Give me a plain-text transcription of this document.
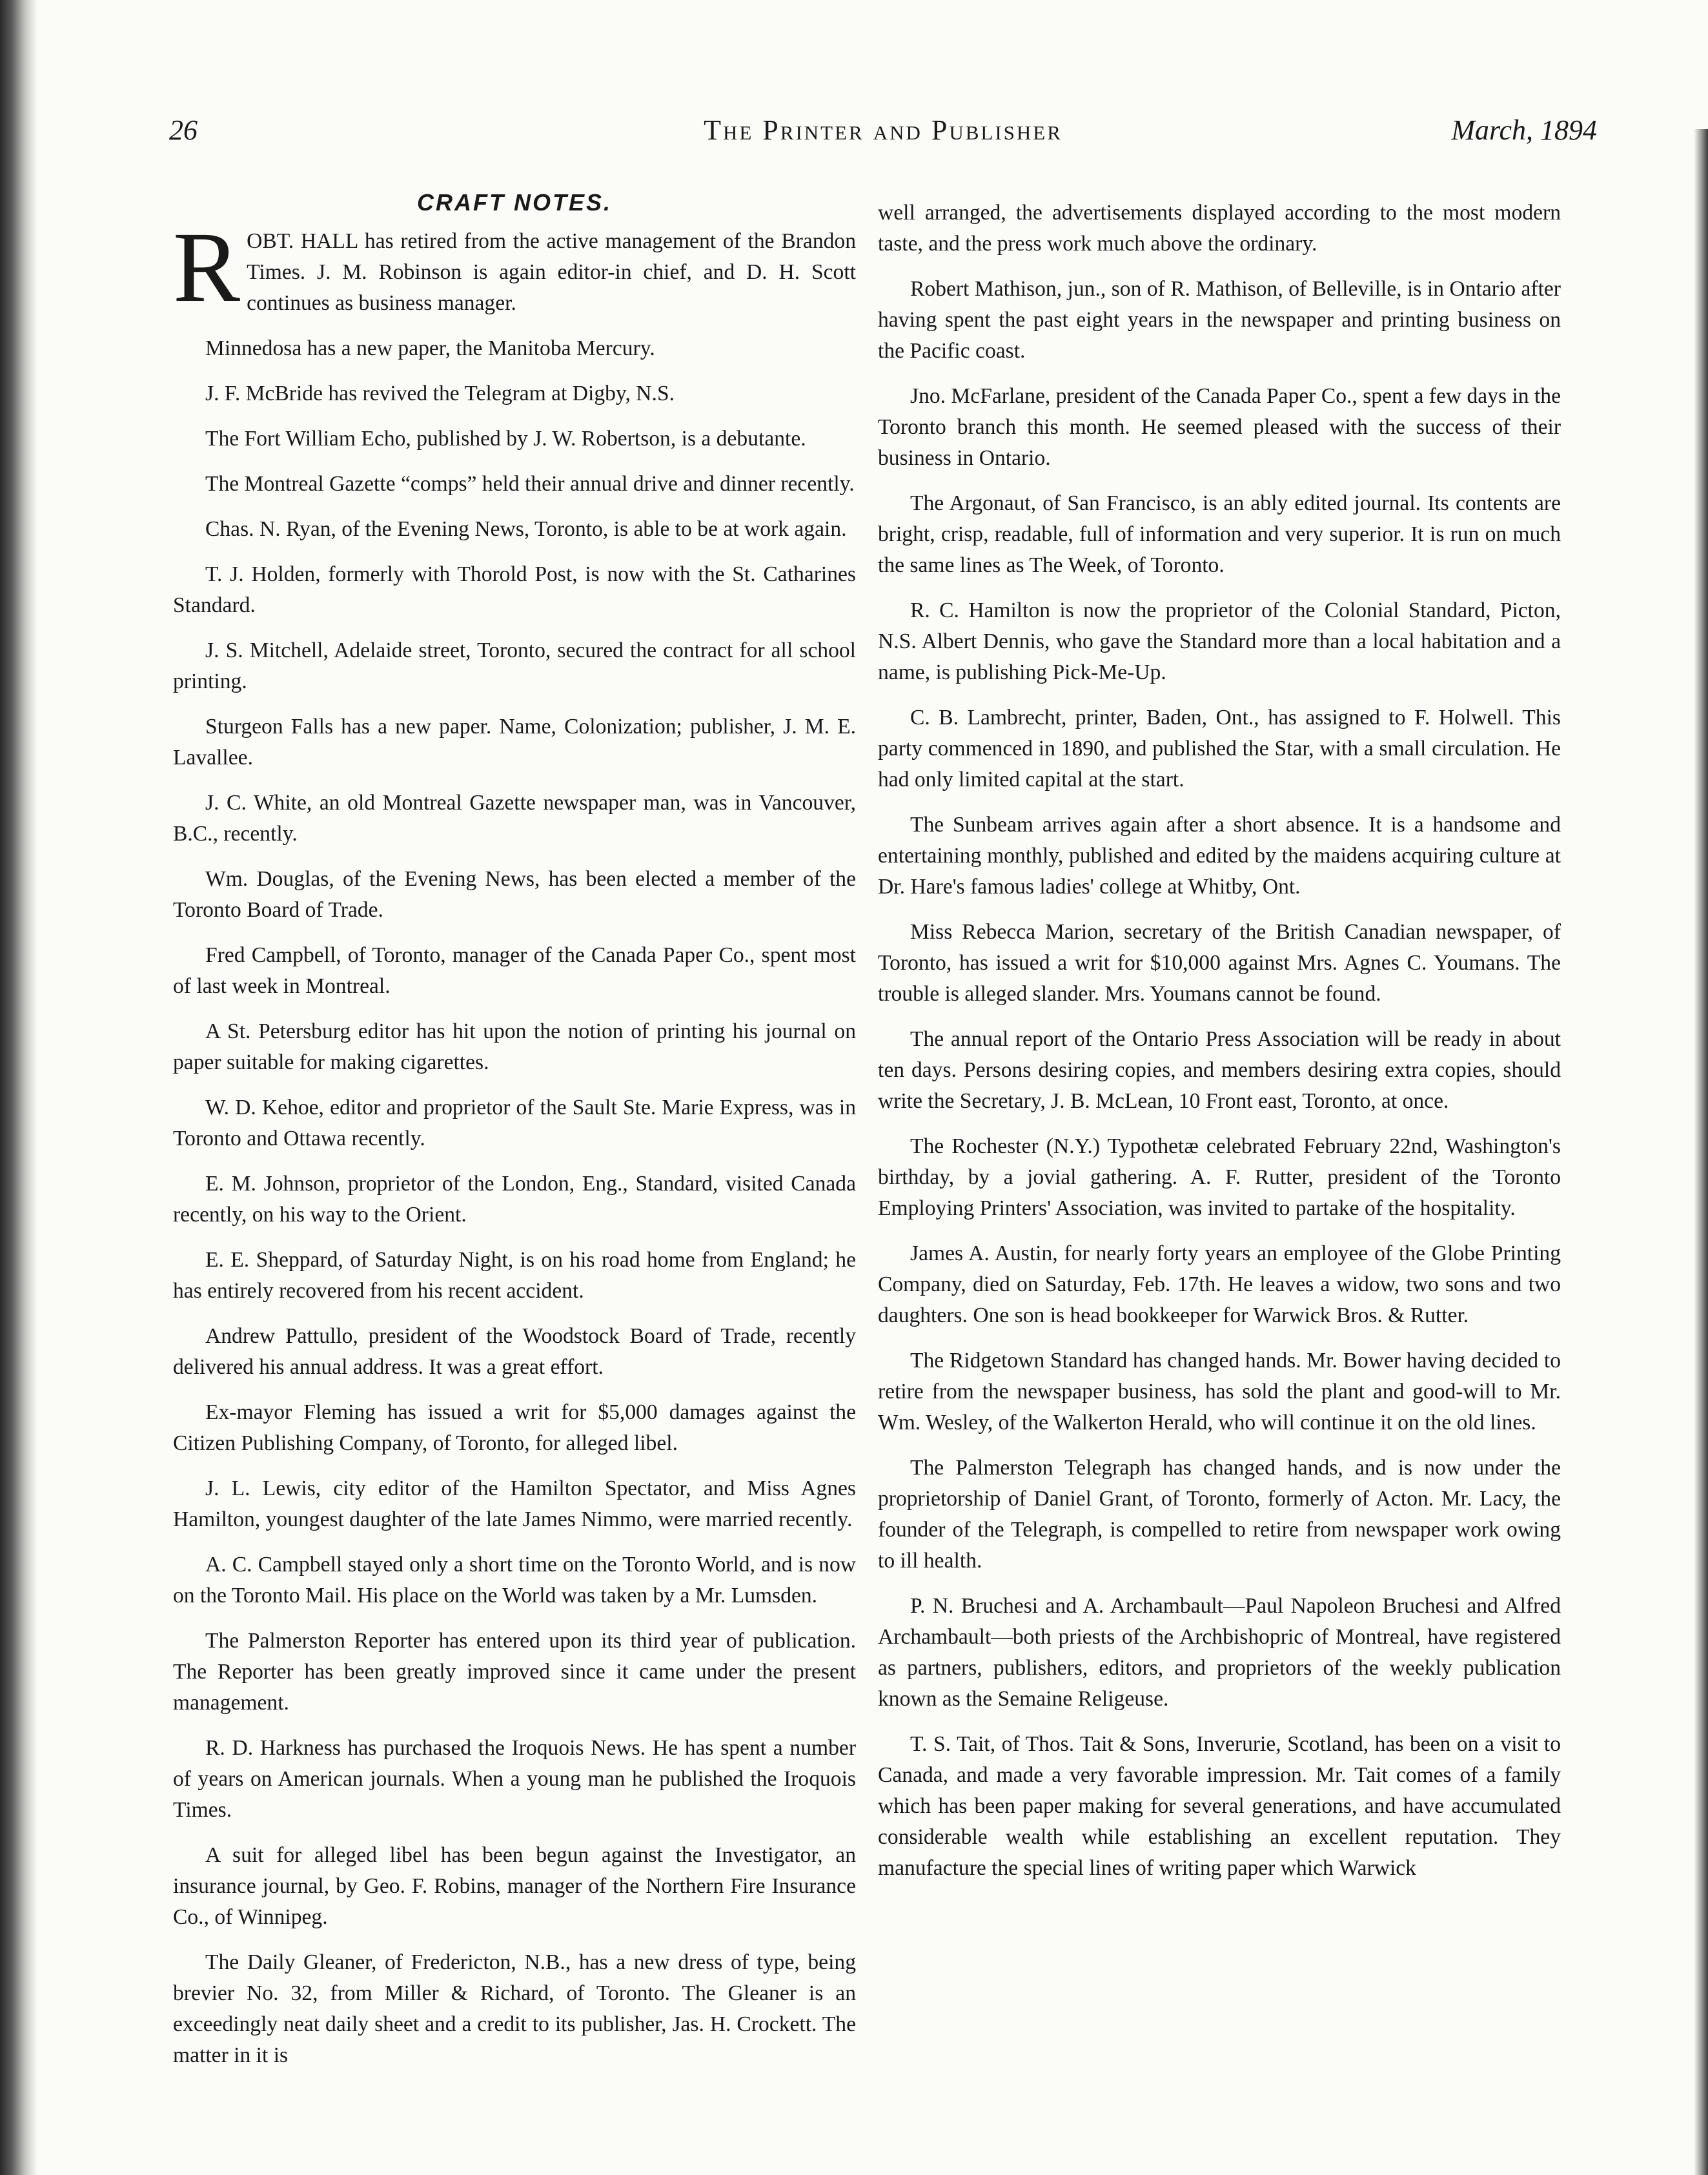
26	The Printer and Publisher	March, 1894
CRAFT NOTES.

ROBT. HALL has retired from the active management of the Brandon Times. J. M. Robinson is again editor-in chief, and D. H. Scott continues as business manager.

Minnedosa has a new paper, the Manitoba Mercury.

J. F. McBride has revived the Telegram at Digby, N.S.

The Fort William Echo, published by J. W. Robertson, is a debutante.

The Montreal Gazette “comps” held their annual drive and dinner recently.

Chas. N. Ryan, of the Evening News, Toronto, is able to be at work again.

T. J. Holden, formerly with Thorold Post, is now with the St. Catharines Standard.

J. S. Mitchell, Adelaide street, Toronto, secured the contract for all school printing.

Sturgeon Falls has a new paper. Name, Colonization; publisher, J. M. E. Lavallee.

J. C. White, an old Montreal Gazette newspaper man, was in Vancouver, B.C., recently.

Wm. Douglas, of the Evening News, has been elected a member of the Toronto Board of Trade.

Fred Campbell, of Toronto, manager of the Canada Paper Co., spent most of last week in Montreal.

A St. Petersburg editor has hit upon the notion of printing his journal on paper suitable for making cigarettes.

W. D. Kehoe, editor and proprietor of the Sault Ste. Marie Express, was in Toronto and Ottawa recently.

E. M. Johnson, proprietor of the London, Eng., Standard, visited Canada recently, on his way to the Orient.

E. E. Sheppard, of Saturday Night, is on his road home from England; he has entirely recovered from his recent accident.

Andrew Pattullo, president of the Woodstock Board of Trade, recently delivered his annual address. It was a great effort.

Ex-mayor Fleming has issued a writ for $5,000 damages against the Citizen Publishing Company, of Toronto, for alleged libel.

J. L. Lewis, city editor of the Hamilton Spectator, and Miss Agnes Hamilton, youngest daughter of the late James Nimmo, were married recently.

A. C. Campbell stayed only a short time on the Toronto World, and is now on the Toronto Mail. His place on the World was taken by a Mr. Lumsden.

The Palmerston Reporter has entered upon its third year of publication. The Reporter has been greatly improved since it came under the present management.

R. D. Harkness has purchased the Iroquois News. He has spent a number of years on American journals. When a young man he published the Iroquois Times.

A suit for alleged libel has been begun against the Investigator, an insurance journal, by Geo. F. Robins, manager of the Northern Fire Insurance Co., of Winnipeg.

The Daily Gleaner, of Fredericton, N.B., has a new dress of type, being brevier No. 32, from Miller & Richard, of Toronto. The Gleaner is an exceedingly neat daily sheet and a credit to its publisher, Jas. H. Crockett. The matter in it is

well arranged, the advertisements displayed according to the most modern taste, and the press work much above the ordinary.

Robert Mathison, jun., son of R. Mathison, of Belleville, is in Ontario after having spent the past eight years in the newspaper and printing business on the Pacific coast.

Jno. McFarlane, president of the Canada Paper Co., spent a few days in the Toronto branch this month. He seemed pleased with the success of their business in Ontario.

The Argonaut, of San Francisco, is an ably edited journal. Its contents are bright, crisp, readable, full of information and very superior. It is run on much the same lines as The Week, of Toronto.

R. C. Hamilton is now the proprietor of the Colonial Standard, Picton, N.S. Albert Dennis, who gave the Standard more than a local habitation and a name, is publishing Pick-Me-Up.

C. B. Lambrecht, printer, Baden, Ont., has assigned to F. Holwell. This party commenced in 1890, and published the Star, with a small circulation. He had only limited capital at the start.

The Sunbeam arrives again after a short absence. It is a handsome and entertaining monthly, published and edited by the maidens acquiring culture at Dr. Hare's famous ladies' college at Whitby, Ont.

Miss Rebecca Marion, secretary of the British Canadian newspaper, of Toronto, has issued a writ for $10,000 against Mrs. Agnes C. Youmans. The trouble is alleged slander. Mrs. Youmans cannot be found.

The annual report of the Ontario Press Association will be ready in about ten days. Persons desiring copies, and members desiring extra copies, should write the Secretary, J. B. McLean, 10 Front east, Toronto, at once.

The Rochester (N.Y.) Typothetæ celebrated February 22nd, Washington's birthday, by a jovial gathering. A. F. Rutter, president of the Toronto Employing Printers' Association, was invited to partake of the hospitality.

James A. Austin, for nearly forty years an employee of the Globe Printing Company, died on Saturday, Feb. 17th. He leaves a widow, two sons and two daughters. One son is head bookkeeper for Warwick Bros. & Rutter.

The Ridgetown Standard has changed hands. Mr. Bower having decided to retire from the newspaper business, has sold the plant and good-will to Mr. Wm. Wesley, of the Walkerton Herald, who will continue it on the old lines.

The Palmerston Telegraph has changed hands, and is now under the proprietorship of Daniel Grant, of Toronto, formerly of Acton. Mr. Lacy, the founder of the Telegraph, is compelled to retire from newspaper work owing to ill health.

P. N. Bruchesi and A. Archambault—Paul Napoleon Bruchesi and Alfred Archambault—both priests of the Archbishopric of Montreal, have registered as partners, publishers, editors, and proprietors of the weekly publication known as the Semaine Religeuse.

T. S. Tait, of Thos. Tait & Sons, Inverurie, Scotland, has been on a visit to Canada, and made a very favorable impression. Mr. Tait comes of a family which has been paper making for several generations, and have accumulated considerable wealth while establishing an excellent reputation. They manufacture the special lines of writing paper which Warwick
